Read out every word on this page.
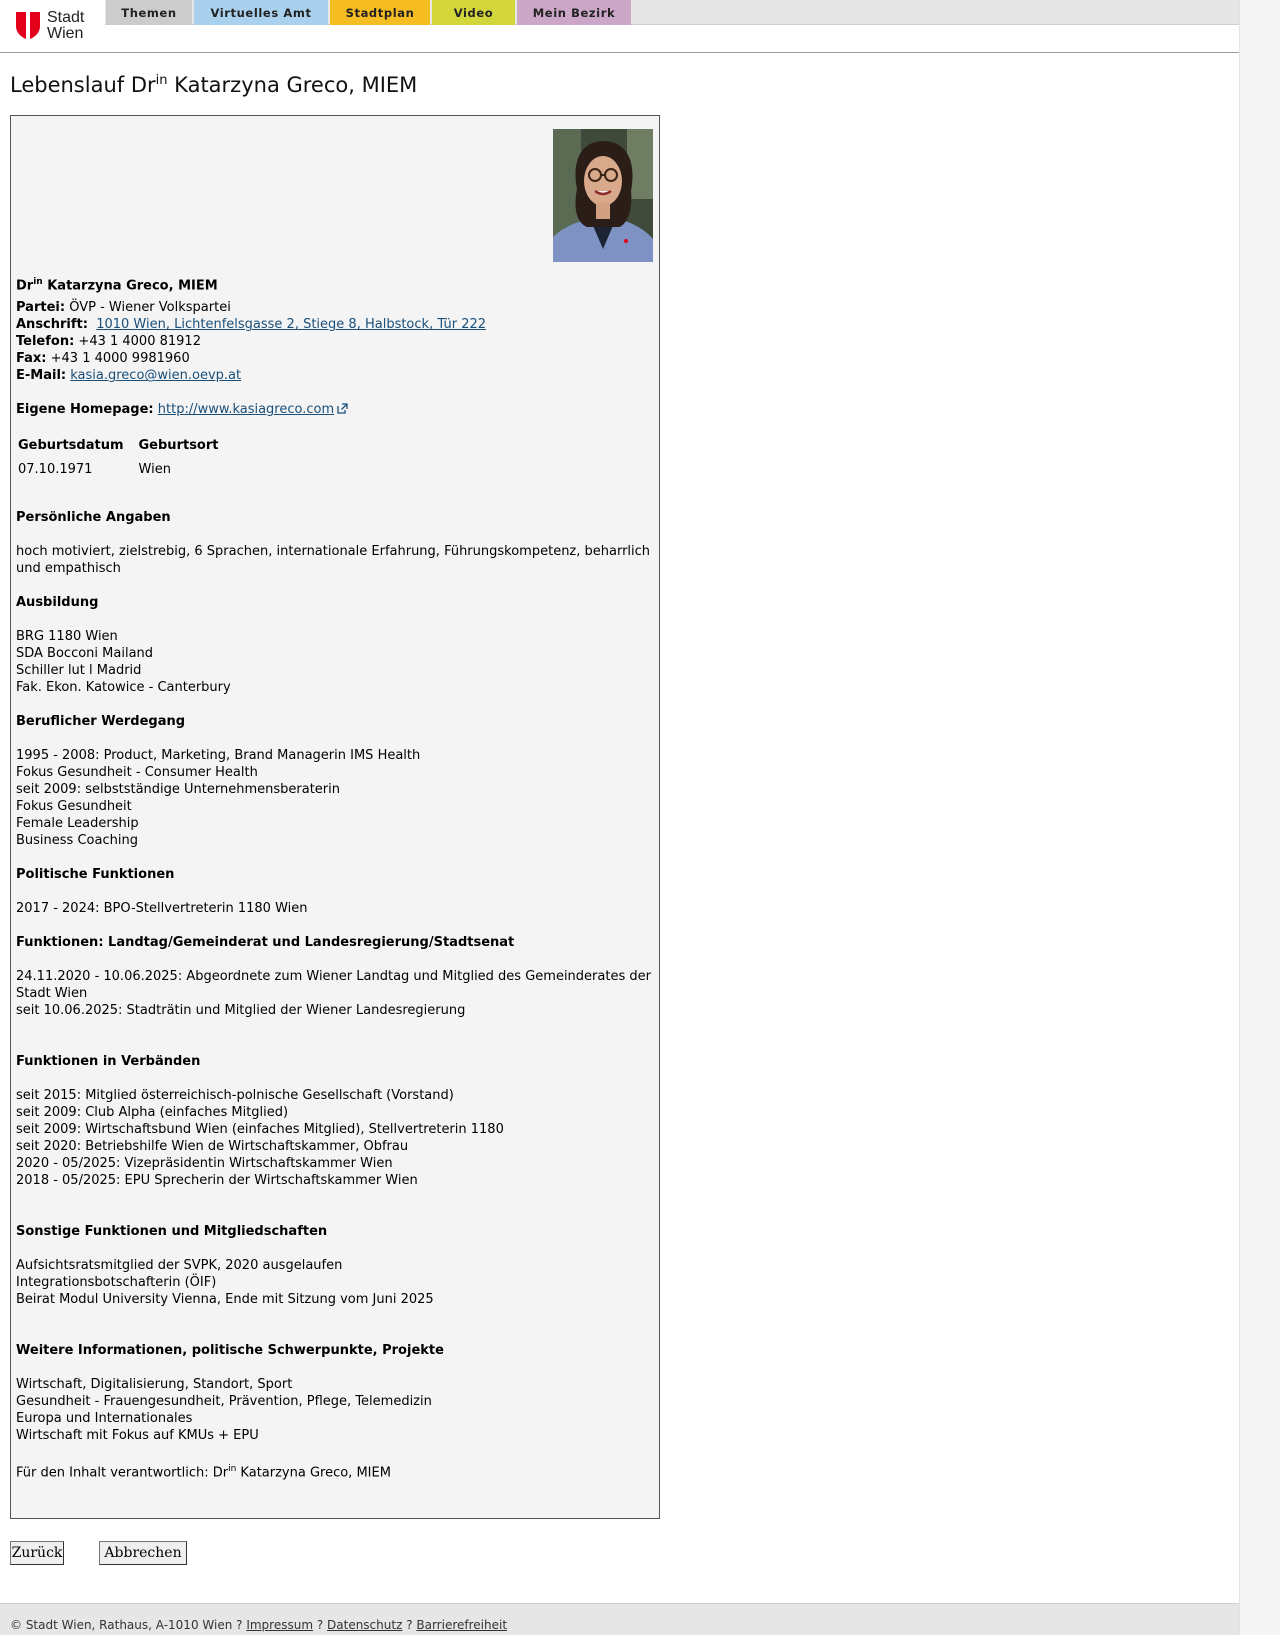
Stadt
Wien
Themen	Virtuelles Amt	Stadtplan	Video	Mein Bezirk
Lebenslauf $Dr^{in}$ Katarzyna Greco, MIEM
$Dr^{in}$ Katarzyna Greco, MIEM
Partei: ÖVP - Wiener Volkspartei
Anschrift: 1010 Wien, Lichtenfelsgasse 2, Stiege 8, Halbstock, Tür 222
Telefon: +43 1 4000 81912
Fax: +43 1 4000 9981960
E-Mail: kasia.greco@wien.oevp.at
Eigene Homepage: http://www.kasiagreco.com
Geburtsdatum	Geburtsort
07.10.1971	Wien
Persönliche Angaben
hoch motiviert, zielstrebig, 6 Sprachen, internationale Erfahrung, Führungskompetenz, beharrlich und empathisch
Ausbildung
BRG 1180 Wien
SDA Bocconi Mailand
Schiller lut l Madrid
Fak. Ekon. Katowice - Canterbury
Beruflicher Werdegang
1995 - 2008: Product, Marketing, Brand Managerin IMS Health
Fokus Gesundheit - Consumer Health
seit 2009: selbstständige Unternehmensberaterin
Fokus Gesundheit
Female Leadership
Business Coaching
Politische Funktionen
2017 - 2024: BPO-Stellvertreterin 1180 Wien
Funktionen: Landtag/Gemeinderat und Landesregierung/Stadtsenat
24.11.2020 - 10.06.2025: Abgeordnete zum Wiener Landtag und Mitglied des Gemeinderates der Stadt Wien
seit 10.06.2025: Stadträtin und Mitglied der Wiener Landesregierung
Funktionen in Verbänden
seit 2015: Mitglied österreichisch-polnische Gesellschaft (Vorstand)
seit 2009: Club Alpha (einfaches Mitglied)
seit 2009: Wirtschaftsbund Wien (einfaches Mitglied), Stellvertreterin 1180
seit 2020: Betriebshilfe Wien de Wirtschaftskammer, Obfrau
2020 - 05/2025: Vizepräsidentin Wirtschaftskammer Wien
2018 - 05/2025: EPU Sprecherin der Wirtschaftskammer Wien
Sonstige Funktionen und Mitgliedschaften
Aufsichtsratsmitglied der SVPK, 2020 ausgelaufen
Integrationsbotschafterin (ÖIF)
Beirat Modul University Vienna, Ende mit Sitzung vom Juni 2025
Weitere Informationen, politische Schwerpunkte, Projekte
Wirtschaft, Digitalisierung, Standort, Sport
Gesundheit - Frauengesundheit, Prävention, Pflege, Telemedizin
Europa und Internationales
Wirtschaft mit Fokus auf KMUs + EPU
Für den Inhalt verantwortlich: $Dr^{in}$ Katarzyna Greco, MIEM
Zurück	Abbrechen
© Stadt Wien, Rathaus, A-1010 Wien ? Impressum ? Datenschutz ? Barrierefreiheit
